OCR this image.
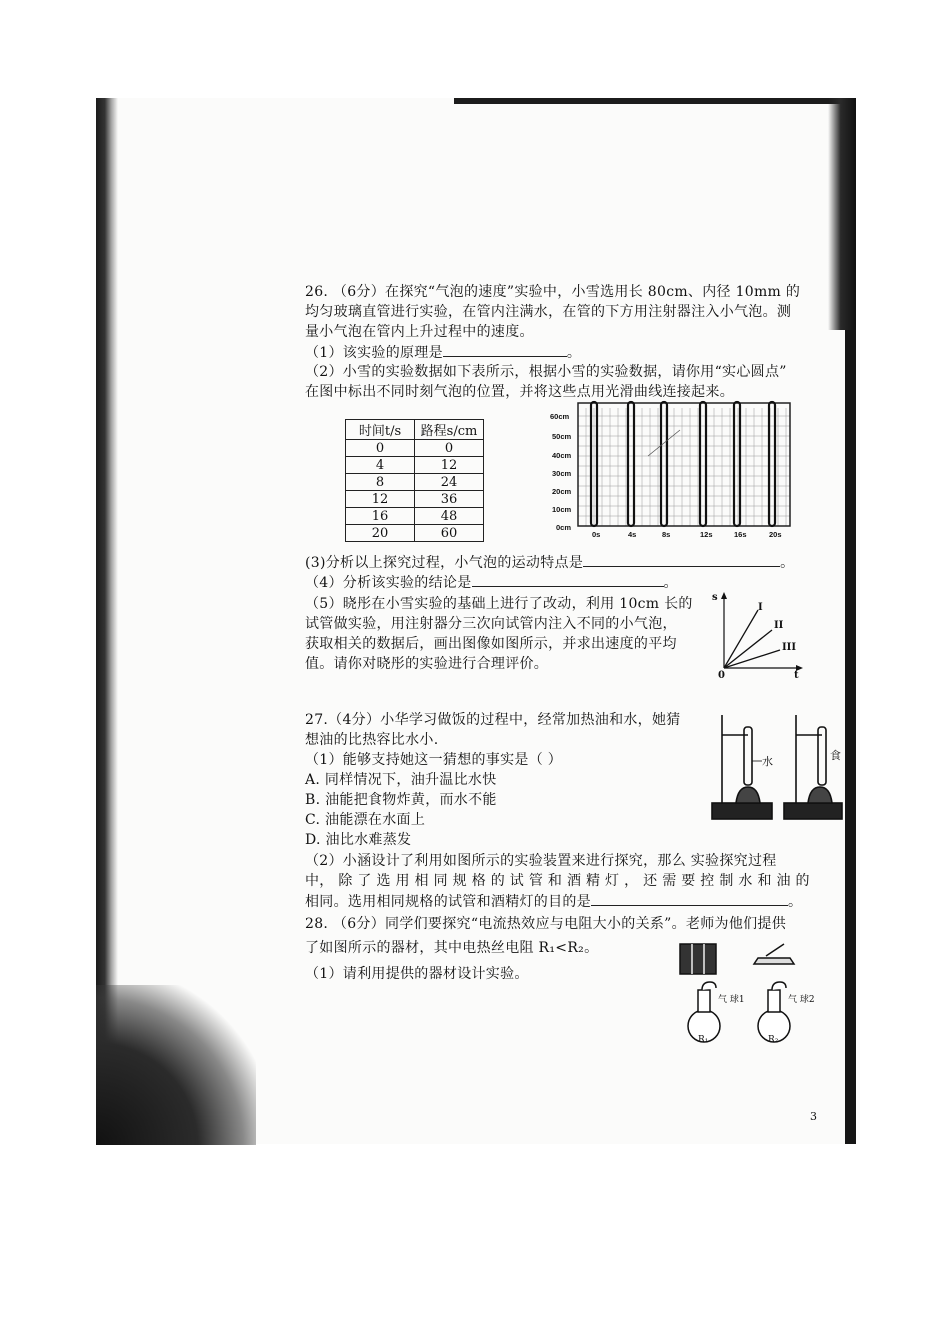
26. （6分）在探究“气泡的速度”实验中，小雪选用长 80cm、内径 10mm 的
均匀玻璃直管进行实验，在管内注满水，在管的下方用注射器注入小气泡。测
量小气泡在管内上升过程中的速度。
（1）该实验的原理是	。
（2）小雪的实验数据如下表所示，根据小雪的实验数据，请你用“实心圆点”
在图中标出不同时刻气泡的位置，并将这些点用光滑曲线连接起来。
时间t/s	路程s/cm
0	0
4	12
8	24
12	36
16	48
20	60
60cm
50cm
40cm
30cm
20cm
10cm
0cm
0s	4s	8s	12s	16s	20s
(3)分析以上探究过程，小气泡的运动特点是	。
（4）分析该实验的结论是	。
（5）晓彤在小雪实验的基础上进行了改动，利用 10cm 长的
试管做实验，用注射器分三次向试管内注入不同的小气泡，
获取相关的数据后，画出图像如图所示，并求出速度的平均
值。请你对晓彤的实验进行合理评价。
s
t
0
I
II
III
27.（4分）小华学习做饭的过程中，经常加热油和水，她猜
想油的比热容比水小.
（1）能够支持她这一猜想的事实是（ ）
A. 同样情况下，油升温比水快
B. 油能把食物炸黄，而水不能
C. 油能漂在水面上
D. 油比水难蒸发
（2）小涵设计了利用如图所示的实验装置来进行探究，那么 实验探究过程
中， 除 了 选 用 相 同 规 格 的 试 管 和 酒 精 灯 ， 还 需 要 控 制 水 和 油 的
相同。选用相同规格的试管和酒精灯的目的是	。
水	食
28. （6分）同学们要探究“电流热效应与电阻大小的关系”。老师为他们提供
了如图所示的器材，其中电热丝电阻 R₁<R₂。
（1）请利用提供的器材设计实验。
气 球1	气 球2
R₁	R₂
3
